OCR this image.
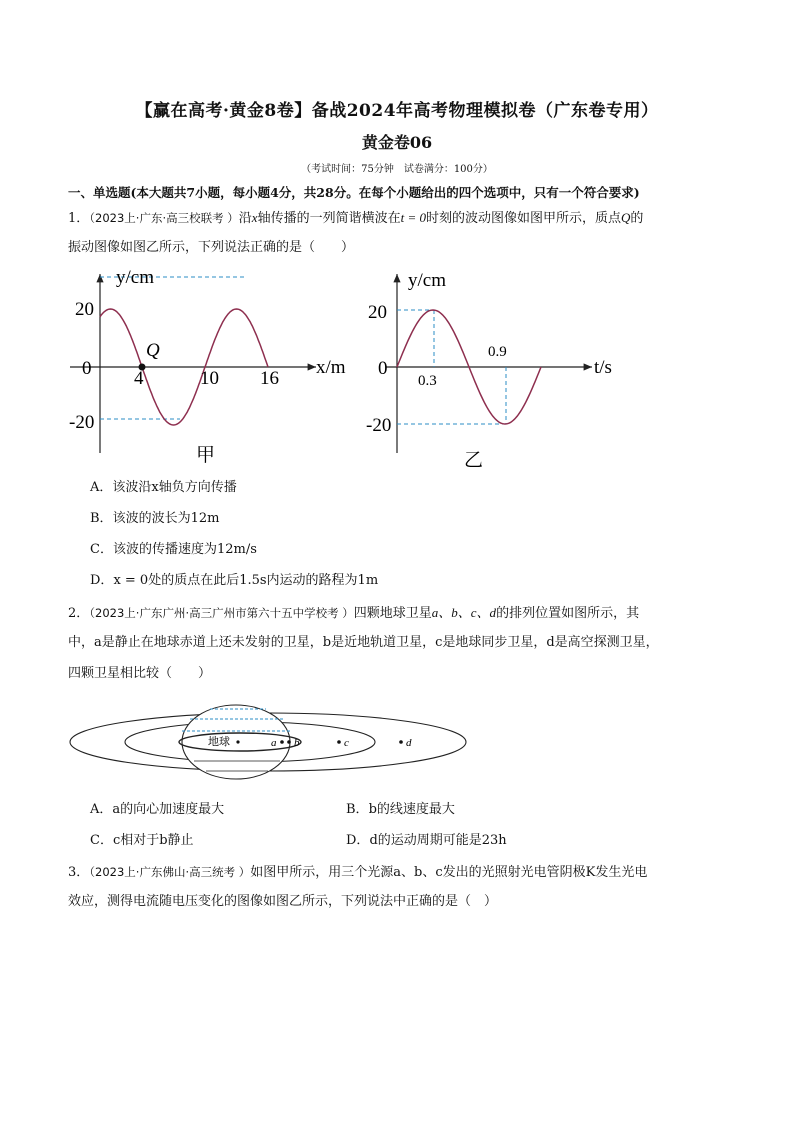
【赢在高考·黄金8卷】备战2024年高考物理模拟卷（广东卷专用）
黄金卷06
（考试时间：75分钟　试卷满分：100分）
一、单选题(本大题共7小题，每小题4分，共28分。在每个小题给出的四个选项中，只有一个符合要求)
1．（2023上·广东·高三校联考 ）沿x轴传播的一列简谐横波在t = 0时刻的波动图像如图甲所示，质点Q的
振动图像如图乙所示，下列说法正确的是（　　）
Q
y/cm
x/m
20
0
-20
4	10 16
甲
y/cm
t/s
20
0
-20
0.3
0.9
乙
A．该波沿x轴负方向传播
B．该波的波长为12m
C．该波的传播速度为12m/s
D．x = 0处的质点在此后1.5s内运动的路程为1m
2．（2023上·广东广州·高三广州市第六十五中学校考 ）四颗地球卫星a、b、c、d的排列位置如图所示，其
中，a是静止在地球赤道上还未发射的卫星，b是近地轨道卫星，c是地球同步卫星，d是高空探测卫星，
四颗卫星相比较（　　）
地球	a b	c	d
A．a的向心加速度最大	B．b的线速度最大
C．c相对于b静止	D．d的运动周期可能是23h
3．（2023上·广东佛山·高三统考 ）如图甲所示，用三个光源a、b、c发出的光照射光电管阴极K发生光电
效应，测得电流随电压变化的图像如图乙所示，下列说法中正确的是（　）
